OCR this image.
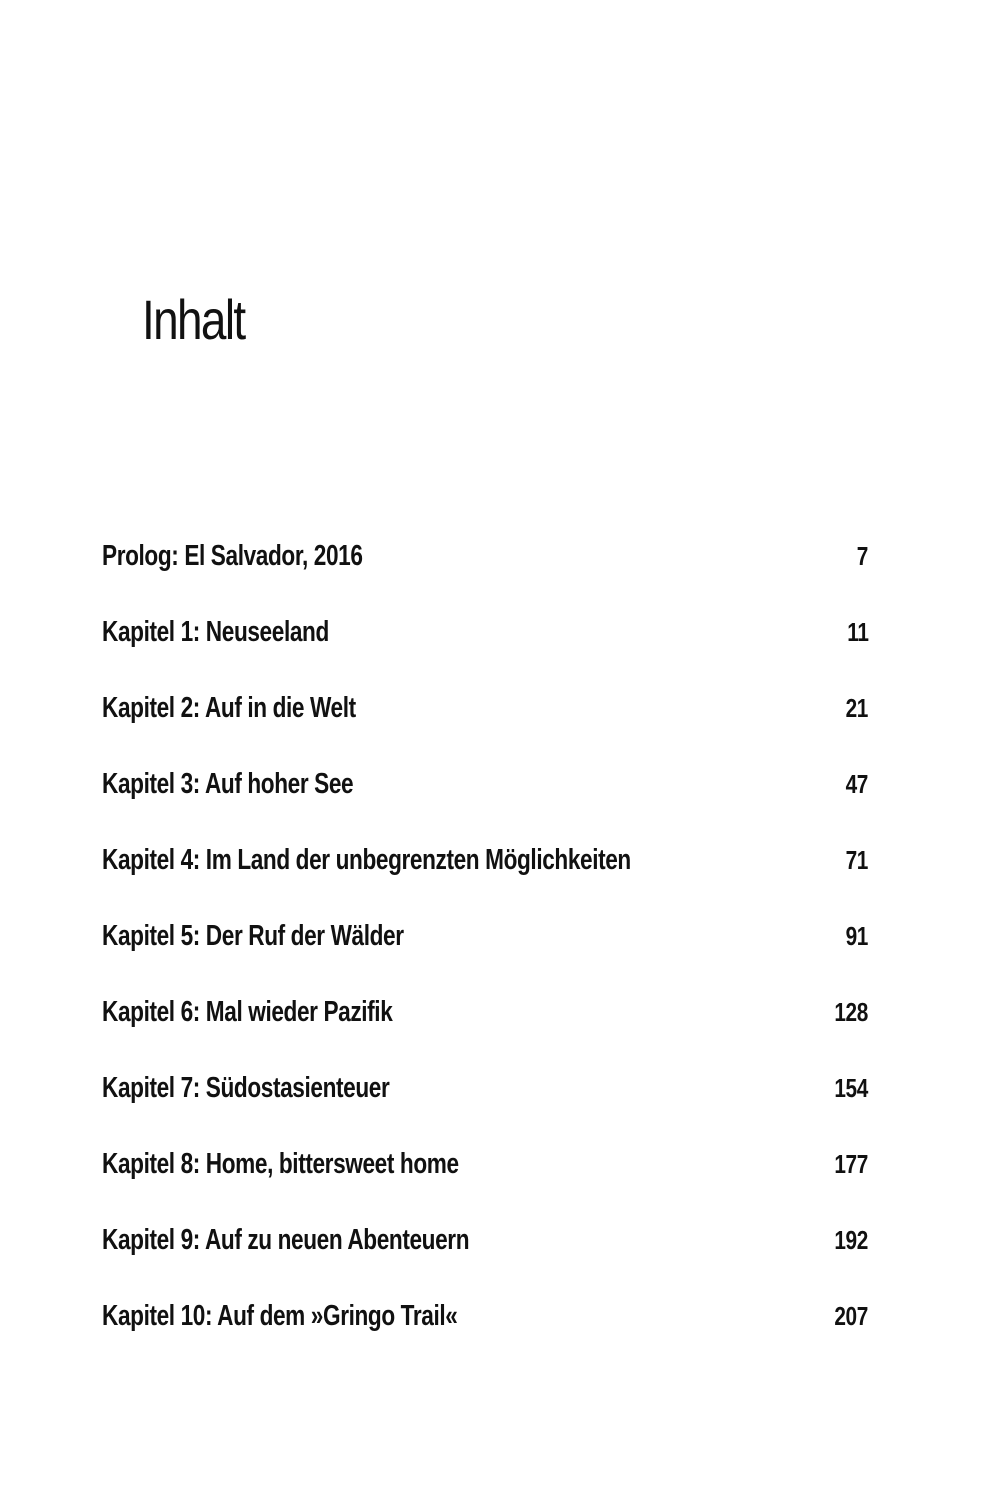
Inhalt
Prolog: El Salvador, 2016	7
Kapitel 1: Neuseeland	11
Kapitel 2: Auf in die Welt	21
Kapitel 3: Auf hoher See	47
Kapitel 4: Im Land der unbegrenzten Möglichkeiten	71
Kapitel 5: Der Ruf der Wälder	91
Kapitel 6: Mal wieder Pazifik	128
Kapitel 7: Südostasienteuer	154
Kapitel 8: Home, bittersweet home	177
Kapitel 9: Auf zu neuen Abenteuern	192
Kapitel 10: Auf dem »Gringo Trail«	207
